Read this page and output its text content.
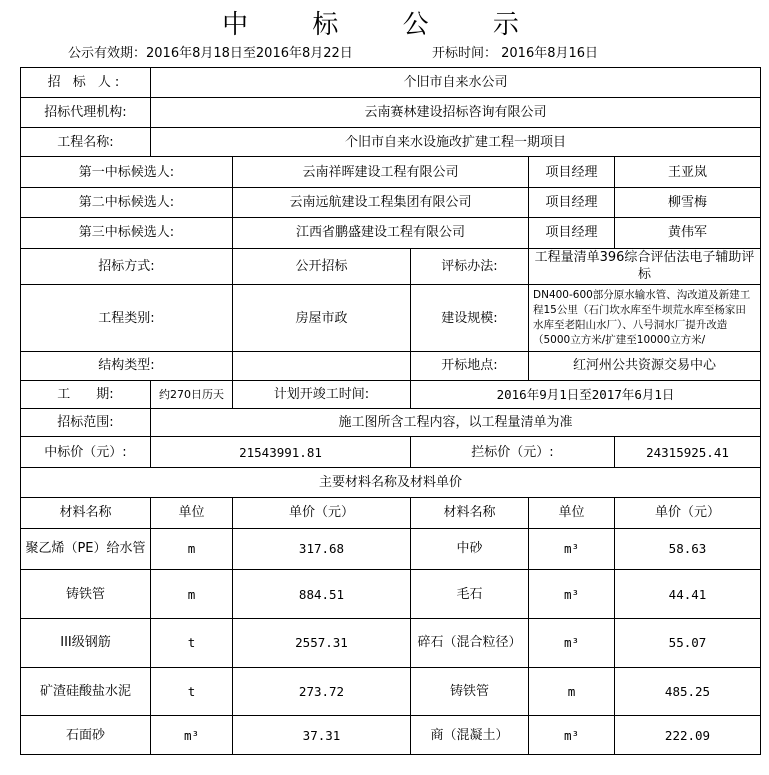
中 标 公 示
公示有效期：2016年8月18日至2016年8月22日	开标时间： 2016年8月16日
招 标 人:	个旧市自来水公司				
招标代理机构:	云南赛林建设招标咨询有限公司				
工程名称:	个旧市自来水设施改扩建工程一期项目				
第一中标候选人:		云南祥晖建设工程有限公司		项目经理	王亚岚
第二中标候选人:		云南远航建设工程集团有限公司		项目经理	柳雪梅
第三中标候选人:		江西省鹏盛建设工程有限公司		项目经理	黄伟军
招标方式:		公开招标	评标办法:	工程量清单396综合评估法电子辅助评标	
工程类别:		房屋市政	建设规模:	DN400-600部分原水输水管、沟改道及新建工程15公里（石门坎水库至牛坝荒水库至杨家田水库至老阳山水厂）、八号洞水厂提升改造（5000立方米/扩建至10000立方米/	
结构类型:			开标地点:	红河州公共资源交易中心	
工　　期:	约270日历天	计划开竣工时间:	2016年9月1日至2017年6月1日		
招标范围:	施工图所含工程内容，以工程量清单为准				
中标价（元）:	21543991.81		拦标价（元）:		24315925.41
主要材料名称及材料单价					
材料名称	单位	单价（元）	材料名称	单位	单价（元）
聚乙烯（PE）给水管	m	317.68	中砂	m³	58.63
铸铁管	m	884.51	毛石	m³	44.41
III级钢筋	t	2557.31	碎石（混合粒径）	m³	55.07
矿渣硅酸盐水泥	t	273.72	铸铁管	m	485.25
石面砂	m³	37.31	商（混凝土）	m³	222.09
